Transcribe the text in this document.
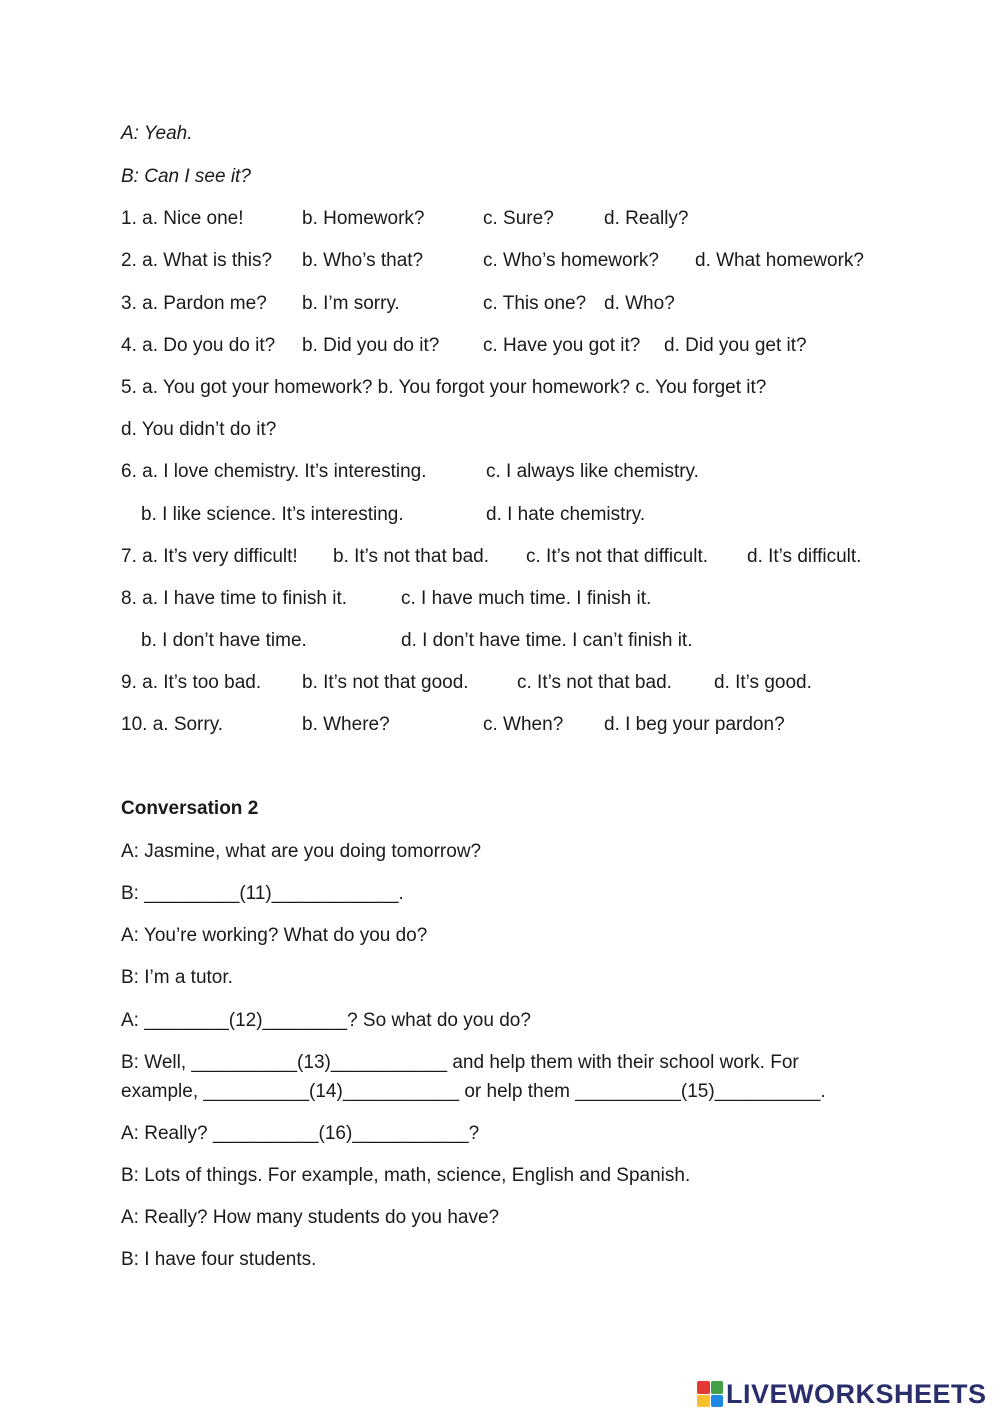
A: Yeah.
B: Can I see it?
1. a. Nice one!	b. Homework?	c. Sure?	d. Really?
2. a. What is this? b. Who’s that?	c. Who’s homework? d. What homework?
3. a. Pardon me? b. I’m sorry.	c. This one? d. Who?
4. a. Do you do it? b. Did you do it? c. Have you got it? d. Did you get it?
5. a. You got your homework? b. You forgot your homework? c. You forget it?
d. You didn’t do it?
6. a. I love chemistry. It’s interesting.	c. I always like chemistry.
b. I like science. It’s interesting.	d. I hate chemistry.
7. a. It’s very difficult! b. It’s not that bad. c. It’s not that difficult. d. It’s difficult.
8. a. I have time to finish it.	c. I have much time. I finish it.
b. I don’t have time.	d. I don’t have time. I can’t finish it.
9. a. It’s too bad. b. It’s not that good.	c. It’s not that bad. d. It’s good.
10. a. Sorry.	b. Where?	c. When? d. I beg your pardon?
Conversation 2
A: Jasmine, what are you doing tomorrow?
B: _________(11)____________.
A: You’re working? What do you do?
B: I’m a tutor.
A: ________(12)________? So what do you do?
B: Well, __________(13)___________ and help them with their school work. For
example, __________(14)___________ or help them __________(15)__________.
A: Really? __________(16)___________?
B: Lots of things. For example, math, science, English and Spanish.
A: Really? How many students do you have?
B: I have four students.
LIVEWORKSHEETS
